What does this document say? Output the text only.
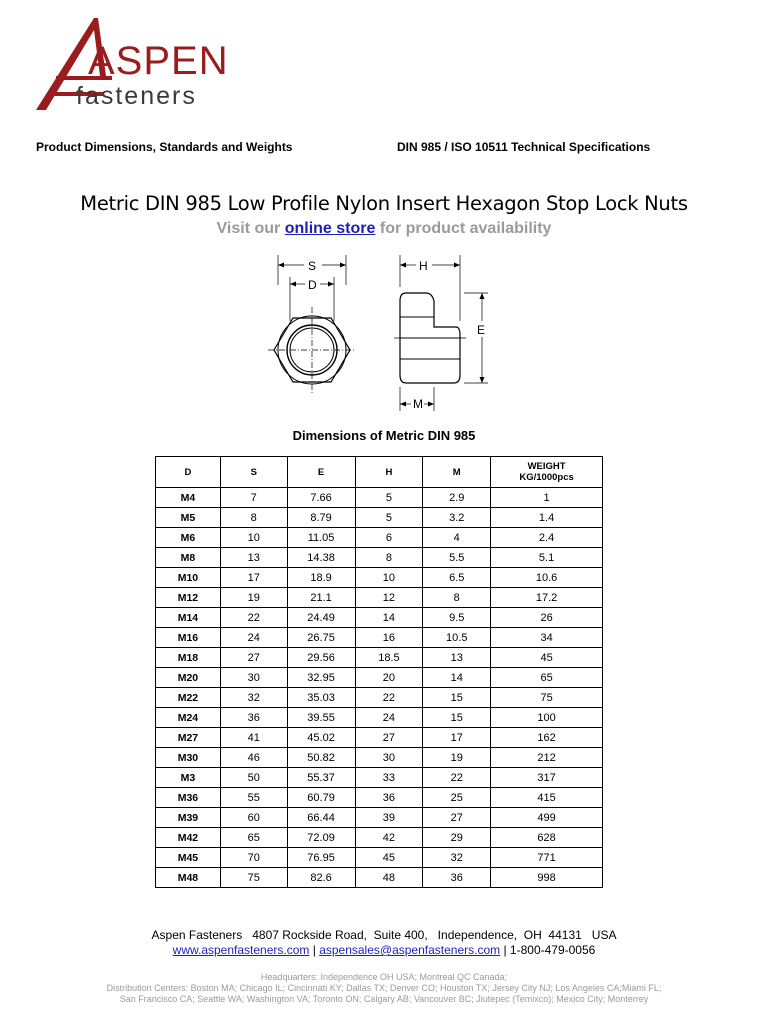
ASPEN
fasteners
Product Dimensions, Standards and Weights	DIN 985 / ISO 10511 Technical Specifications
Metric DIN 985 Low Profile Nylon Insert Hexagon Stop Lock Nuts
Visit our online store for product availability
S
D
H
E
M
Dimensions of Metric DIN 985
D	S	E	H	M	WEIGHT
KG/1000pcs
M4	7	7.66	5	2.9	1
M5	8	8.79	5	3.2	1.4
M6	10	11.05	6	4	2.4
M8	13	14.38	8	5.5	5.1
M10	17	18.9	10	6.5	10.6
M12	19	21.1	12	8	17.2
M14	22	24.49	14	9.5	26
M16	24	26.75	16	10.5	34
M18	27	29.56	18.5	13	45
M20	30	32.95	20	14	65
M22	32	35.03	22	15	75
M24	36	39.55	24	15	100
M27	41	45.02	27	17	162
M30	46	50.82	30	19	212
M3	50	55.37	33	22	317
M36	55	60.79	36	25	415
M39	60	66.44	39	27	499
M42	65	72.09	42	29	628
M45	70	76.95	45	32	771
M48	75	82.6	48	36	998
Aspen Fasteners   4807 Rockside Road,  Suite 400,   Independence,  OH  44131   USA
www.aspenfasteners.com | aspensales@aspenfasteners.com | 1-800-479-0056
Headquarters: Independence OH USA; Montreal QC Canada;
Distribution Centers: Boston MA; Chicago IL; Cincinnati KY; Dallas TX; Denver CO; Houston TX; Jersey City NJ; Los Angeles CA;Miami FL;
San Francisco CA; Seattle WA; Washington VA; Toronto ON; Calgary AB; Vancouver BC; Jiutepec (Temixco); Mexico City; Monterrey
